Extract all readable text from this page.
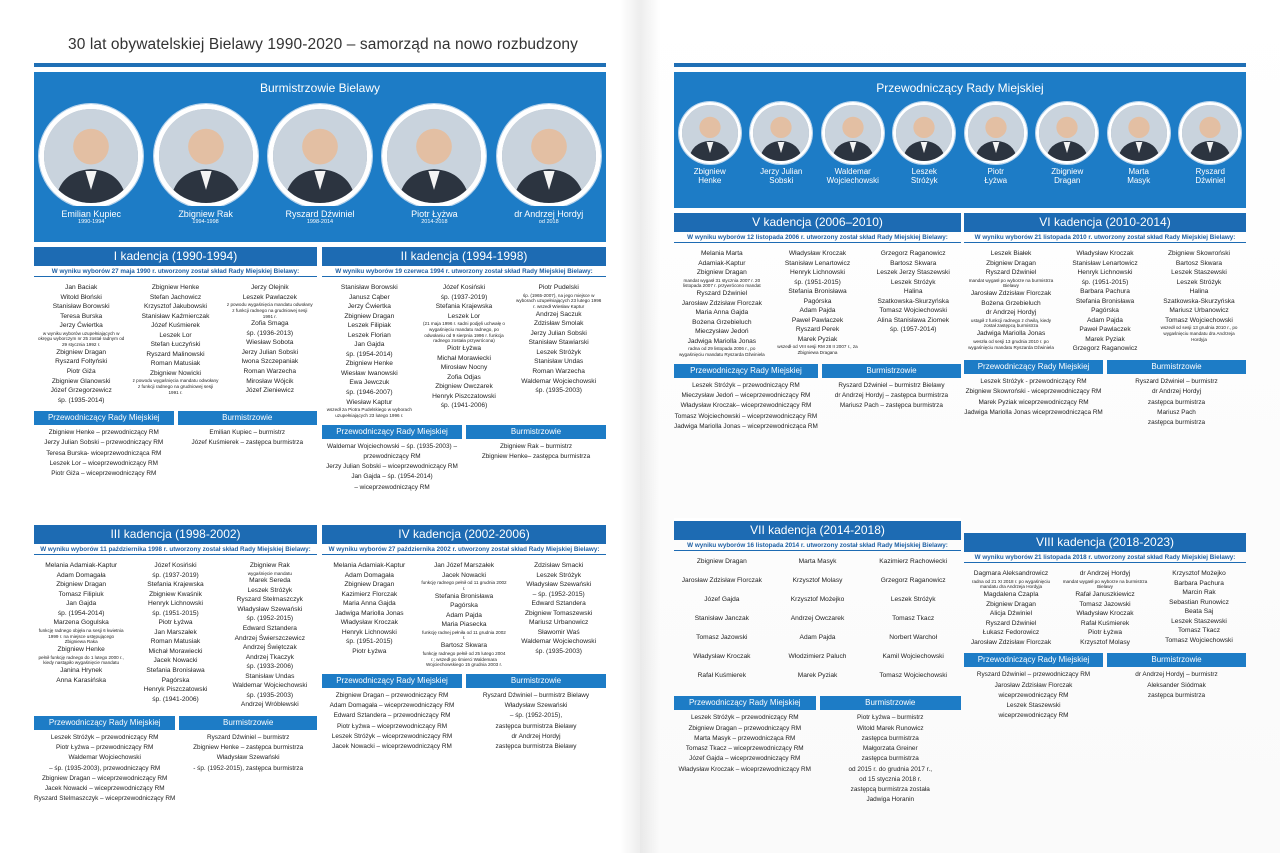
30 lat obywatelskiej Bielawy 1990-2020 – samorząd na nowo rozbudzony
Burmistrzowie Bielawy
Emilian Kupiec
1990-1994
Zbigniew Rak
1994-1998
Ryszard Dźwiniel
1998-2014
Piotr Łyżwa
2014-2018
dr Andrzej Hordyj
od 2018
I kadencja (1990-1994)
W wyniku wyborów 27 maja 1990 r. utworzony został skład Rady Miejskiej Bielawy:
Jan Baciak
Witold Błoński
Stanisław Borowski
Teresa Burska
Jerzy Ćwiertka
w wyniku wyborów uzupełniających w okręgu wyborczym nr 25 został radnym od 29 stycznia 1992 r.
Zbigniew Dragan
Ryszard Foltyński
Piotr Giża
Zbigniew Glanowski
Józef Grzegorzewicz
śp. (1935-2014)
Zbigniew Henke
Stefan Jachowicz
Krzysztof Jakubowski
Stanisław Kaźmierczak
Józef Kuśmierek
Leszek Lor
Stefan Łuczyński
Ryszard Malinowski
Roman Matusiak
Zbigniew Nowicki
z powodu wygaśnięcia mandatu odwołany z funkcji radnego na grudniowej sesji 1991 r.
Jerzy Olejnik
Leszek Pawlaczek
z powodu wygaśnięcia mandatu odwołany z funkcji radnego na grudniowej sesji 1991 r.
Zofia Smaga
śp. (1936-2013)
Wiesław Sobota
Jerzy Julian Sobski
Iwona Szczepaniak
Roman Warzecha
Mirosław Wójcik
Józef Zieniewicz
Przewodniczący Rady Miejskiej
Zbigniew Henke – przewodniczący RM
Jerzy Julian Sobski – przewodniczący RM
Teresa Burska- wiceprzewodnicząca RM
Leszek Lor – wiceprzewodniczący RM
Piotr Giża – wiceprzewodniczący RM
Burmistrzowie
Emilian Kupiec – burmistrz
Józef Kuśmierek – zastępca burmistrza
II kadencja (1994-1998)
W wyniku wyborów 19 czerwca 1994 r. utworzony został skład Rady Miejskiej Bielawy:
Stanisław Borowski
Janusz Cąber
Jerzy Ćwiertka
Zbigniew Dragan
Leszek Filipiak
Leszek Florian
Jan Gajda
śp. (1954-2014)
Zbigniew Henke
Wiesław Iwanowski
Ewa Jewczuk
śp. (1946-2007)
Wiesław Kaptur
wszedł za Piotra Pudelskiego w wyborach uzupełniających 23 lutego 1996 r.
Józef Kosiński
śp. (1937-2019)
Stefania Krajewska
Leszek Lor
(21 maja 1996 r. sadni podjęli uchwałę o wygaśnięciu mandatu radnego, po odwołaniu od 9 sierpnia 1996 r. funkcja radnego została przywrócona)
Piotr Łyżwa
Michał Morawiecki
Mirosław Nocny
Zofia Odjas
Zbigniew Owczarek
Henryk Piszczatowski
śp. (1941-2006)
Piotr Pudelski
śp. (1965-2007), na jego miejsce w wyborach uzupełniających 23 lutego 1996 r. wszedł Wiesław Kaptur
Andrzej Saczuk
Zdzisław Smolak
Jerzy Julian Sobski
Stanisław Stawiarski
Leszek Stróżyk
Stanisław Undas
Roman Warzecha
Waldemar Wojciechowski
śp. (1935-2003)
Przewodniczący Rady Miejskiej
Waldemar Wojciechowski – śp. (1935-2003) –
przewodniczący RM
Jerzy Julian Sobski – wiceprzewodniczący RM
Jan Gajda – śp. (1954-2014)
– wiceprzewodniczący RM
Burmistrzowie
Zbigniew Rak – burmistrz
Zbigniew Henke– zastępca burmistrza
III kadencja (1998-2002)
W wyniku wyborów 11 października 1998 r. utworzony został skład Rady Miejskiej Bielawy:
Melania Adamiak-Kaptur
Adam Domagała
Zbigniew Dragan
Tomasz Filipiuk
Jan Gajda
śp. (1954-2014)
Marzena Gogulska
funkcję radnego objęła na sesji 6 kwietnia 1999 r. na miejsce ustępującego Zbigniewa Raka
Zbigniew Henke
pełnił funkcję radnego do 1 lutego 2000 r., kiedy nastąpiło wygaśnięcie mandatu
Janina Hrynek
Anna Karasińska
Józef Kosiński
śp. (1937-2019)
Stefania Krajewska
Zbigniew Kwaśnik
Henryk Lichnowski
śp. (1951-2015)
Piotr Łyżwa
Jan Marszałek
Roman Matusiak
Michał Morawiecki
Jacek Nowacki
Stefania Bronisława
Pagórska
Henryk Piszczatowski
śp. (1941-2006)
Zbigniew Rak
wygaśnięcie mandatu
Marek Sereda
Leszek Stróżyk
Ryszard Stelmaszczyk
Władysław Szewański
śp. (1952-2015)
Edward Sztandera
Andrzej Świerszczewicz
Andrzej Świętczak
Andrzej Tkaczyk
śp. (1933-2006)
Stanisław Undas
Waldemar Wojciechowski
śp. (1935-2003)
Andrzej Wróblewski
Przewodniczący Rady Miejskiej
Leszek Stróżyk – przewodniczący RM
Piotr Łyżwa – przewodniczący RM
Waldemar Wojciechowski
– śp. (1935-2003), przewodniczący RM
Zbigniew Dragan – wiceprzewodniczący RM
Jacek Nowacki – wiceprzewodniczący RM
Ryszard Stelmaszczyk – wiceprzewodniczący RM
Burmistrzowie
Ryszard Dźwiniel – burmistrz
Zbigniew Henke – zastępca burmistrza
Władysław Szewański
- śp. (1952-2015), zastępca burmistrza
IV kadencja (2002-2006)
W wyniku wyborów 27 października 2002 r. utworzony został skład Rady Miejskiej Bielawy:
Melania Adamiak-Kaptur
Adam Domagała
Zbigniew Dragan
Kazimierz Florczak
Maria Anna Gajda
Jadwiga Mariolla Jonas
Władysław Kroczak
Henryk Lichnowski
śp. (1951-2015)
Piotr Łyżwa
Jan Józef Marszałek
Jacek Nowacki
funkcję radnego pełnił od 11 grudnia 2002 r.
Stefania Bronisława
Pagórska
Adam Pajda
Maria Piasecka
funkcję radnej pełniła od 11 grudnia 2002 r.
Bartosz Skwara
funkcję radnego pełnił od 25 lutego 2004 r.; wszedł po śmierci Waldemara Wojciechowskiego 15 grudnia 2003 r.
Zdzisław Smacki
Leszek Stróżyk
Władysław Szewański
– śp. (1952-2015)
Edward Sztandera
Zbigniew Tomaszewski
Mariusz Urbanowicz
Sławomir Waś
Waldemar Wojciechowski
śp. (1935-2003)
Przewodniczący Rady Miejskiej
Zbigniew Dragan – przewodniczący RM
Adam Domagała – wiceprzewodniczący RM
Edward Sztandera – przewodniczący RM
Piotr Łyżwa – wiceprzewodniczący RM
Leszek Stróżyk – wiceprzewodniczący RM
Jacek Nowacki – wiceprzewodniczący RM
Burmistrzowie
Ryszard Dźwiniel – burmistrz Bielawy
Władysław Szewański
– śp. (1952-2015),
zastępca burmistrza Bielawy
dr Andrzej Hordyj
zastępca burmistrza Bielawy
Przewodniczący Rady Miejskiej
Zbigniew
Henke
Jerzy Julian
Sobski
Waldemar
Wojciechowski
Leszek
Stróżyk
Piotr
Łyżwa
Zbigniew
Dragan
Marta
Masyk
Ryszard
Dźwiniel
V kadencja (2006–2010)
W wyniku wyborów 12 listopada 2006 r. utworzony został skład Rady Miejskiej Bielawy:
Melania Marta
Adamiak-Kaptur
Zbigniew Dragan
mandat wygasł 31 stycznia 2007 r. 20 listopada 2007 r. przywrócono mandat
Ryszard Dźwiniel
Jarosław Zdzisław Florczak
Maria Anna Gajda
Bożena Grzebieluch
Mieczysław Jedoń
Jadwiga Mariolla Jonas
radna od 29 listopada 2006 r., po wygaśnięciu mandatu Ryszarda Dźwiniela
Władysław Kroczak
Stanisław Lenartowicz
Henryk Lichnowski
śp. (1951-2015)
Stefania Bronisława
Pagórska
Adam Pajda
Paweł Pawlaczek
Ryszard Perek
Marek Pyziak
wszedł od VIII sesji RM 28 II 2007 r., za Zbigniewa Dragana
Grzegorz Raganowicz
Bartosz Skwara
Leszek Jerzy Staszewski
Leszek Stróżyk
Halina
Szatkowska-Skurzyńska
Tomasz Wojciechowski
Alina Stanisława Ziomek
śp. (1957-2014)
Przewodniczący Rady Miejskiej
Leszek Stróżyk – przewodniczący RM
Mieczysław Jedoń – wiceprzewodniczący RM
Władysław Kroczak– wiceprzewodniczący RM
Tomasz Wojciechowski – wiceprzewodniczący RM
Jadwiga Mariolla Jonas – wiceprzewodnicząca RM
Burmistrzowie
Ryszard Dźwiniel – burmistrz Bielawy
dr Andrzej Hordyj – zastępca burmistrza
Mariusz Pach – zastępca burmistrza
VI kadencja (2010-2014)
W wyniku wyborów 21 listopada 2010 r. utworzony został skład Rady Miejskiej Bielawy:
Leszek Białek
Zbigniew Dragan
Ryszard Dźwiniel
mandat wygasł po wyborze na burmistrza Bielawy
Jarosław Zdzisław Florczak
Bożena Grzebieluch
dr Andrzej Hordyj
ustąpił z funkcji radnego z chwilą, kiedy został zastępcą burmistrza
Jadwiga Mariolla Jonas
weszła od sesji 13 grudnia 2010 r. po wygaśnięciu mandatu Ryszarda Dźwiniela
Władysław Kroczak
Stanisław Lenartowicz
Henryk Lichnowski
śp. (1951-2015)
Barbara Pachura
Stefania Bronisława
Pagórska
Adam Pajda
Paweł Pawlaczek
Marek Pyziak
Grzegorz Raganowicz
Zbigniew Skowroński
Bartosz Skwara
Leszek Staszewski
Leszek Stróżyk
Halina
Szatkowska-Skurzyńska
Mariusz Urbanowicz
Tomasz Wojciechowski
wszedł od sesji 13 grudnia 2010 r., po wygaśnięciu mandatu dra Andrzeja Hordyja
Przewodniczący Rady Miejskiej
Leszek Stróżyk - przewodniczący RM
Zbigniew Skowroński - wiceprzewodniczący RM
Marek Pyziak wiceprzewodniczący RM
Jadwiga Mariolla Jonas wiceprzewodnicząca RM
Burmistrzowie
Ryszard Dźwiniel – burmistrz
dr Andrzej Hordyj
zastępca burmistrza
Mariusz Pach
zastępca burmistrza
VII kadencja (2014-2018)
W wyniku wyborów 16 listopada 2014 r. utworzony został skład Rady Miejskiej Bielawy:
Zbigniew Dragan
Jarosław Zdzisław Florczak
Józef Gajda
Stanisław Janczak
Tomasz Jazowski
Władysław Kroczak
Rafał Kuśmierek
Marta Masyk
Krzysztof Molasy
Krzysztof Możejko
Andrzej Owczarek
Adam Pajda
Włodzimierz Paluch
Marek Pyziak
Kazimierz Rachowiecki
Grzegorz Raganowicz
Leszek Stróżyk
Tomasz Tkacz
Norbert Warchoł
Kamil Wojciechowski
Tomasz Wojciechowski
Przewodniczący Rady Miejskiej
Leszek Stróżyk – przewodniczący RM
Zbigniew Dragan – przewodniczący RM
Marta Masyk – przewodnicząca RM
Tomasz Tkacz – wiceprzewodniczący RM
Józef Gajda – wiceprzewodniczący RM
Władysław Kroczak – wiceprzewodniczący RM
Burmistrzowie
Piotr Łyżwa – burmistrz
Witold Marek Runowicz
zastępca burmistrza
Małgorzata Greiner
zastępca burmistrza
od 2015 r. do grudnia 2017 r.,
od 15 stycznia 2018 r.
zastępcą burmistrza została
Jadwiga Horanin
VIII kadencja (2018-2023)
W wyniku wyborów 21 listopada 2018 r. utworzony został skład Rady Miejskiej Bielawy:
Dagmara Aleksandrowicz
radna od 21 XI 2018 r. po wygaśnięciu mandatu dra Andrzeja Hordyja
Magdalena Czapla
Zbigniew Dragan
Alicja Dźwiniel
Ryszard Dźwiniel
Łukasz Fedorowicz
Jarosław Zdzisław Florczak
dr Andrzej Hordyj
mandat wygasł po wyborze na burmistrza Bielawy
Rafał Januszkiewicz
Tomasz Jazowski
Władysław Kroczak
Rafał Kuśmierek
Piotr Łyżwa
Krzysztof Molasy
Krzysztof Możejko
Barbara Pachura
Marcin Rak
Sebastian Runowicz
Beata Saj
Leszek Staszewski
Tomasz Tkacz
Tomasz Wojciechowski
Przewodniczący Rady Miejskiej
Ryszard Dźwiniel – przewodniczący RM
Jarosław Zdzisław Florczak
wiceprzewodniczący RM
Leszek Staszewski
wiceprzewodniczący RM
Burmistrzowie
dr Andrzej Hordyj – burmistrz
Aleksander Siódmak
zastępca burmistrza
